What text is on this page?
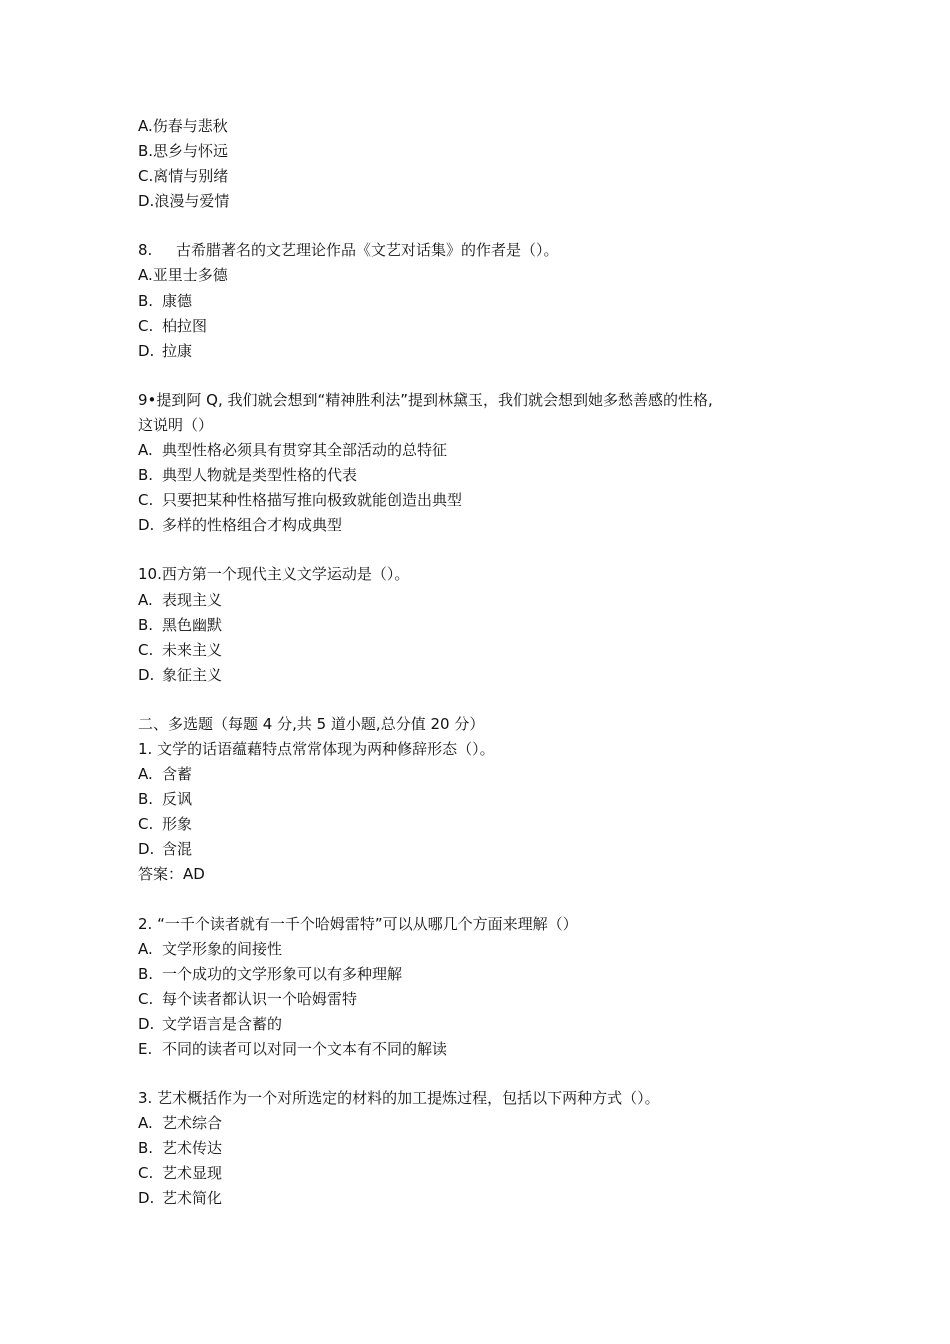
A.伤春与悲秋
B.思乡与怀远
C.离情与别绪
D.浪漫与爱情
8. 古希腊著名的文艺理论作品《文艺对话集》的作者是（）。
A.亚里士多德
B. 康德
C. 柏拉图
D. 拉康
9•提到阿 Q, 我们就会想到“精神胜利法”提到林黛玉，我们就会想到她多愁善感的性格,
这说明（）
A. 典型性格必须具有贯穿其全部活动的总特征
B. 典型人物就是类型性格的代表
C. 只要把某种性格描写推向极致就能创造出典型
D. 多样的性格组合才构成典型
10.西方第一个现代主义文学运动是（）。
A. 表现主义
B. 黑色幽默
C. 未来主义
D. 象征主义
二、多选题（每题 4 分,共 5 道小题,总分值 20 分）
1. 文学的话语蕴藉特点常常体现为两种修辞形态（）。
A. 含蓄
B. 反讽
C. 形象
D. 含混
答案：AD
2. “一千个读者就有一千个哈姆雷特”可以从哪几个方面来理解（）
A. 文学形象的间接性
B. 一个成功的文学形象可以有多种理解
C. 每个读者都认识一个哈姆雷特
D. 文学语言是含蓄的
E. 不同的读者可以对同一个文本有不同的解读
3. 艺术概括作为一个对所选定的材料的加工提炼过程，包括以下两种方式（）。
A. 艺术综合
B. 艺术传达
C. 艺术显现
D. 艺术简化
